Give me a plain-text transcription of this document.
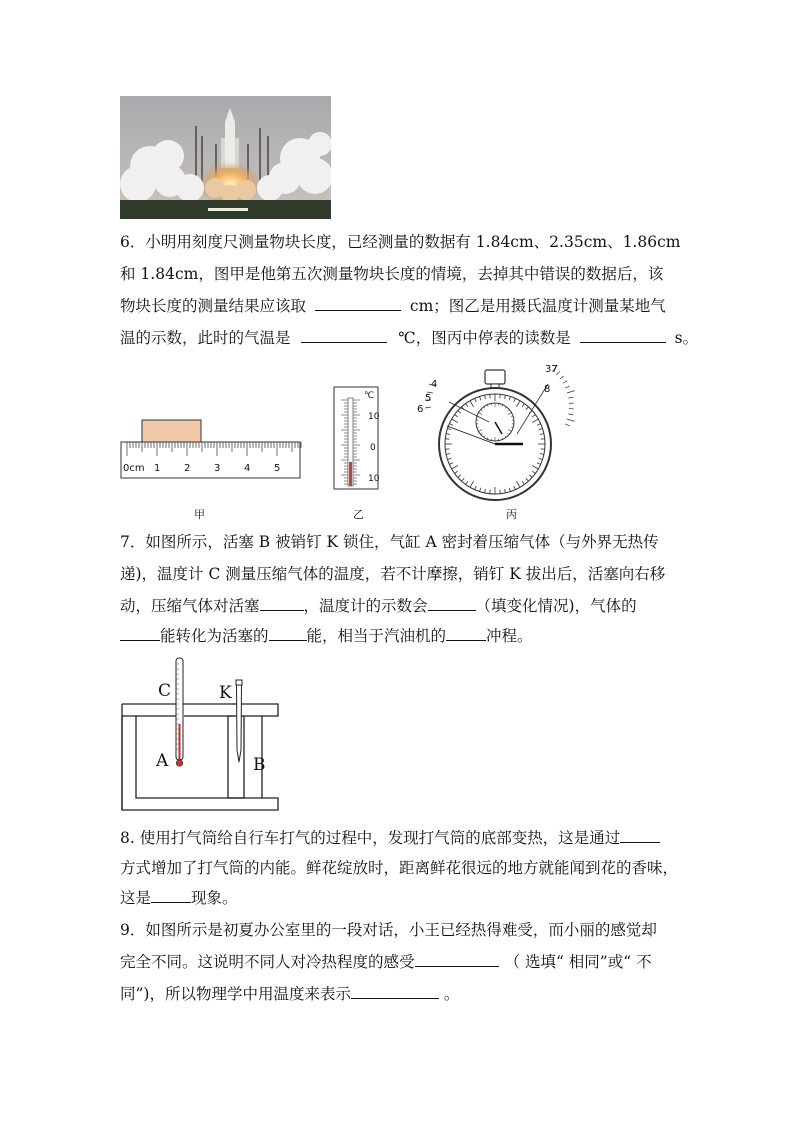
6．小明用刻度尺测量物块长度，已经测量的数据有 1.84cm、2.35cm、1.86cm
和 1.84cm，图甲是他第五次测量物块长度的情境，去掉其中错误的数据后，该
物块长度的测量结果应该取	cm；图乙是用摄氏温度计测量某地气
温的示数，此时的气温是	℃，图丙中停表的读数是	s。
0cm 1 2 3 4 5
甲
℃
10
0
10
乙
4
5
6
37
8
丙
7．如图所示，活塞 B 被销钉 K 锁住，气缸 A 密封着压缩气体（与外界无热传
递)，温度计 C 测量压缩气体的温度，若不计摩擦，销钉 K 拔出后，活塞向右移
动，压缩气体对活塞	，温度计的示数会	（填变化情况)，气体的
能转化为活塞的 能，相当于汽油机的	冲程。
C	K
A	B
8. 使用打气筒给自行车打气的过程中，发现打气筒的底部变热，这是通过
方式增加了打气筒的内能。鲜花绽放时，距离鲜花很远的地方就能闻到花的香味，
这是	现象。
9．如图所示是初夏办公室里的一段对话，小王已经热得难受，而小丽的感觉却
完全不同。这说明不同人对冷热程度的感受	（ 选填“ 相同”或“ 不
同”)，所以物理学中用温度来表示	。
